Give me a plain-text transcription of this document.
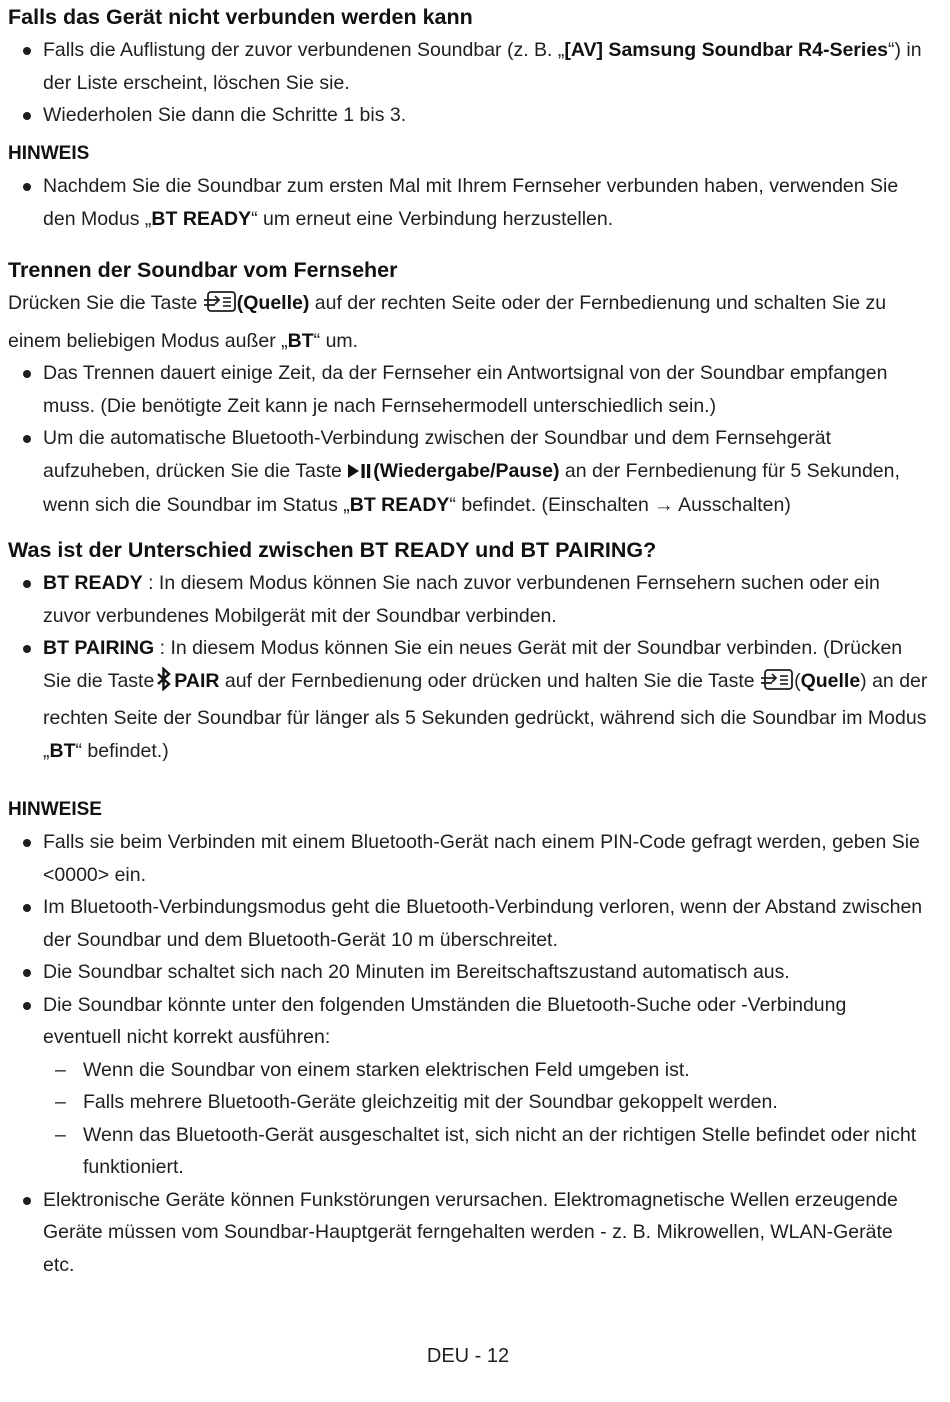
Falls das Gerät nicht verbunden werden kann
Falls die Auflistung der zuvor verbundenen Soundbar (z. B. „[AV] Samsung Soundbar R4-Series“) in der Liste erscheint, löschen Sie sie.
Wiederholen Sie dann die Schritte 1 bis 3.
HINWEIS
Nachdem Sie die Soundbar zum ersten Mal mit Ihrem Fernseher verbunden haben, verwenden Sie den Modus „BT READY“ um erneut eine Verbindung herzustellen.
Trennen der Soundbar vom Fernseher

Drücken Sie die Taste (Quelle) auf der rechten Seite oder der Fernbedienung und schalten Sie zu einem beliebigen Modus außer „BT“ um.

Das Trennen dauert einige Zeit, da der Fernseher ein Antwortsignal von der Soundbar empfangen muss. (Die benötigte Zeit kann je nach Fernsehermodell unterschiedlich sein.)
Um die automatische Bluetooth-Verbindung zwischen der Soundbar und dem Fernsehgerät aufzuheben, drücken Sie die Taste (Wiedergabe/Pause) an der Fernbedienung für 5 Sekunden, wenn sich die Soundbar im Status „BT READY“ befindet. (Einschalten → Ausschalten)
Was ist der Unterschied zwischen BT READY und BT PAIRING?
BT READY : In diesem Modus können Sie nach zuvor verbundenen Fernsehern suchen oder ein zuvor verbundenes Mobilgerät mit der Soundbar verbinden.
BT PAIRING : In diesem Modus können Sie ein neues Gerät mit der Soundbar verbinden. (Drücken Sie die Taste PAIR auf der Fernbedienung oder drücken und halten Sie die Taste (Quelle) an der rechten Seite der Soundbar für länger als 5 Sekunden gedrückt, während sich die Soundbar im Modus „BT“ befindet.)
HINWEISE
Falls sie beim Verbinden mit einem Bluetooth-Gerät nach einem PIN-Code gefragt werden, geben Sie <0000> ein.
Im Bluetooth-Verbindungsmodus geht die Bluetooth-Verbindung verloren, wenn der Abstand zwischen der Soundbar und dem Bluetooth-Gerät 10 m überschreitet.
Die Soundbar schaltet sich nach 20 Minuten im Bereitschaftszustand automatisch aus.
Die Soundbar könnte unter den folgenden Umständen die Bluetooth-Suche oder -Verbindung eventuell nicht korrekt ausführen:
– Wenn die Soundbar von einem starken elektrischen Feld umgeben ist.
– Falls mehrere Bluetooth-Geräte gleichzeitig mit der Soundbar gekoppelt werden.
– Wenn das Bluetooth-Gerät ausgeschaltet ist, sich nicht an der richtigen Stelle befindet oder nicht funktioniert.
Elektronische Geräte können Funkstörungen verursachen. Elektromagnetische Wellen erzeugende Geräte müssen vom Soundbar-Hauptgerät ferngehalten werden - z. B. Mikrowellen, WLAN-Geräte etc.
DEU - 12
